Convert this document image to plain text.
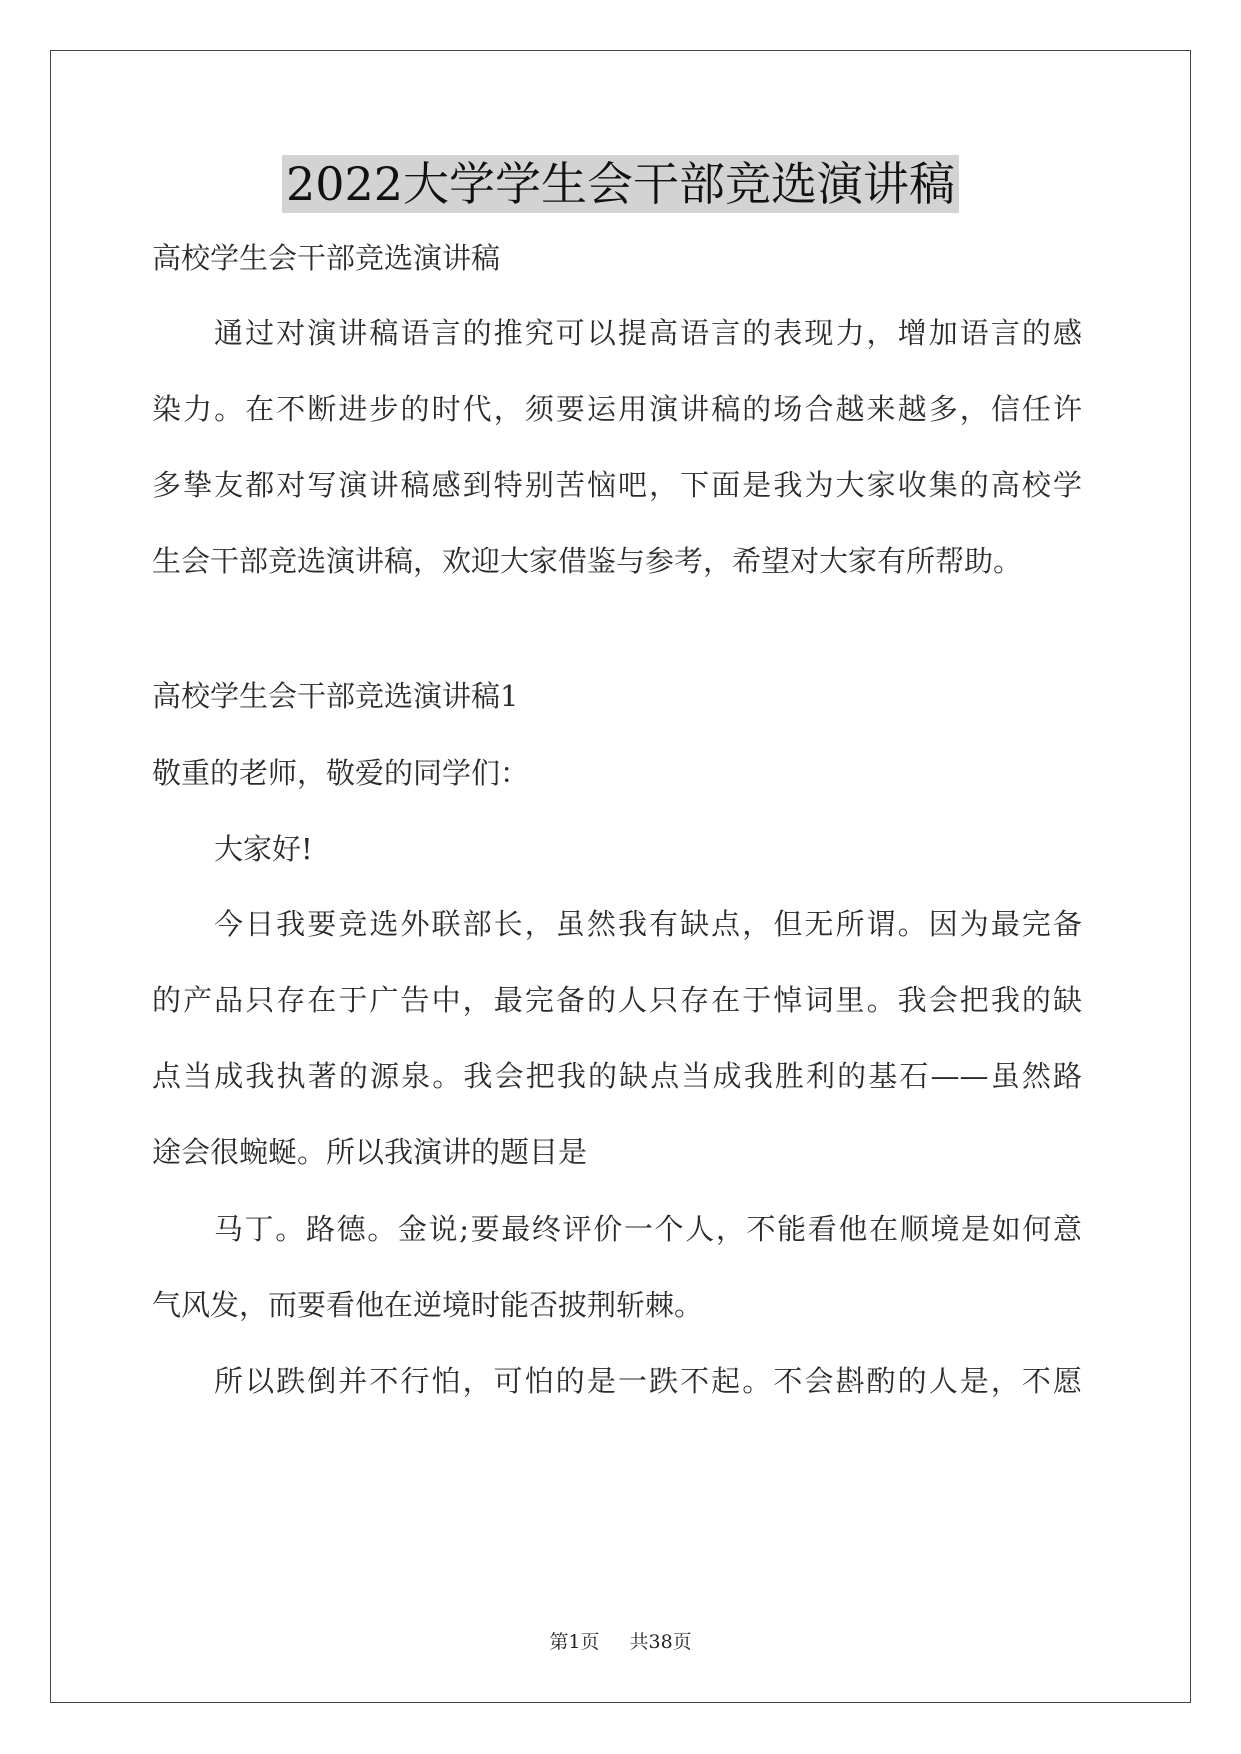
2022大学学生会干部竞选演讲稿
高校学生会干部竞选演讲稿
通过对演讲稿语言的推究可以提高语言的表现力，增加语言的感
染力。在不断进步的时代，须要运用演讲稿的场合越来越多，信任许
多挚友都对写演讲稿感到特别苦恼吧，下面是我为大家收集的高校学
生会干部竞选演讲稿，欢迎大家借鉴与参考，希望对大家有所帮助。
高校学生会干部竞选演讲稿1
敬重的老师，敬爱的同学们：
大家好!
今日我要竞选外联部长，虽然我有缺点，但无所谓。因为最完备
的产品只存在于广告中，最完备的人只存在于悼词里。我会把我的缺
点当成我执著的源泉。我会把我的缺点当成我胜利的基石——虽然路
途会很蜿蜒。所以我演讲的题目是
马丁。路德。金说;要最终评价一个人，不能看他在顺境是如何意
气风发，而要看他在逆境时能否披荆斩棘。
所以跌倒并不行怕，可怕的是一跌不起。不会斟酌的人是，不愿
第1页 共38页
